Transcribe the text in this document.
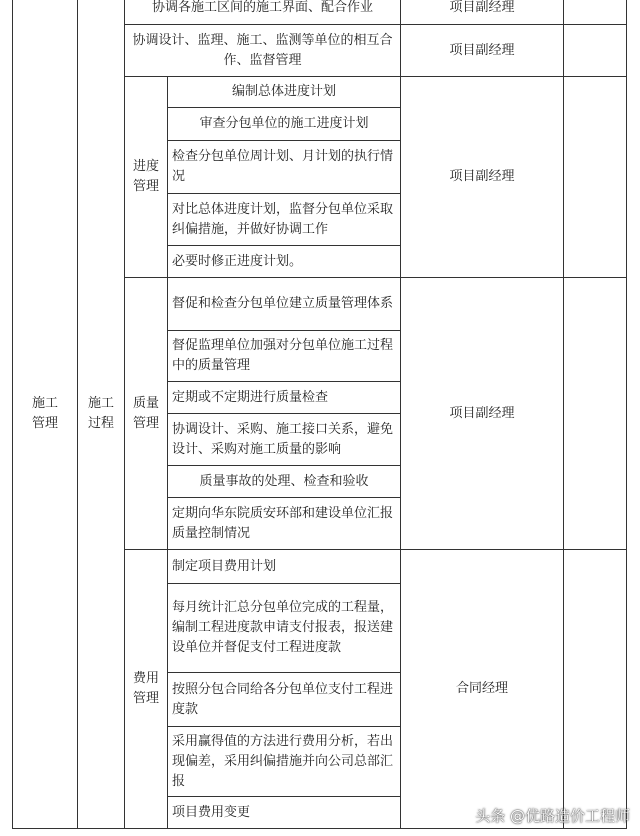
施工管理
施工过程
协调各施工区间的施工界面、配合作业	项目副经理
协调设计、监理、施工、监测等单位的相互合作、监督管理
项目副经理
进度管理
编制总体进度计划
审查分包单位的施工进度计划
检查分包单位周计划、月计划的执行情况
对比总体进度计划，监督分包单位采取纠偏措施，并做好协调工作
必要时修正进度计划。
项目副经理
质量管理
督促和检查分包单位建立质量管理体系
督促监理单位加强对分包单位施工过程中的质量管理
定期或不定期进行质量检查
协调设计、采购、施工接口关系，避免设计、采购对施工质量的影响
质量事故的处理、检查和验收
定期向华东院质安环部和建设单位汇报质量控制情况
项目副经理
费用管理
制定项目费用计划
每月统计汇总分包单位完成的工程量，编制工程进度款申请支付报表，报送建设单位并督促支付工程进度款
按照分包合同给各分包单位支付工程进度款
采用赢得值的方法进行费用分析，若出现偏差，采用纠偏措施并向公司总部汇报
项目费用变更
合同经理
头条 @优路造价工程师
